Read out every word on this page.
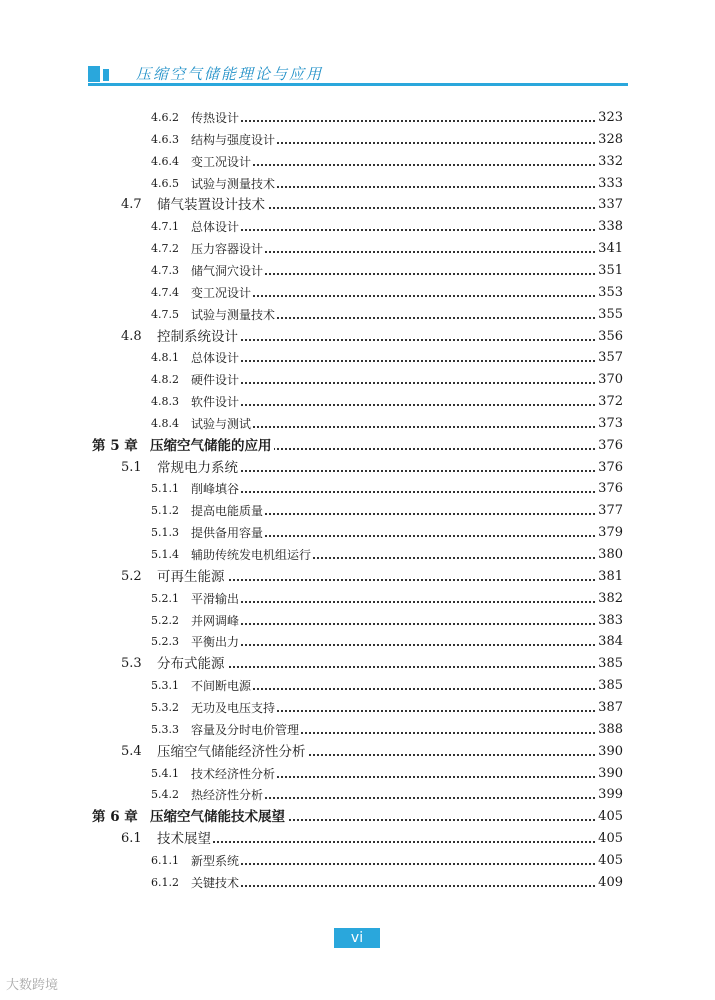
压缩空气储能理论与应用
4.6.2 传热设计	323
4.6.3 结构与强度设计	328
4.6.4 变工况设计	332
4.6.5 试验与测量技术	333
4.7 储气装置设计技术	337
4.7.1 总体设计	338
4.7.2 压力容器设计	341
4.7.3 储气洞穴设计	351
4.7.4 变工况设计	353
4.7.5 试验与测量技术	355
4.8 控制系统设计	356
4.8.1 总体设计	357
4.8.2 硬件设计	370
4.8.3 软件设计	372
4.8.4 试验与测试	373
第 5 章 压缩空气储能的应用	376
5.1 常规电力系统	376
5.1.1 削峰填谷	376
5.1.2 提高电能质量	377
5.1.3 提供备用容量	379
5.1.4 辅助传统发电机组运行	380
5.2 可再生能源	381
5.2.1 平滑输出	382
5.2.2 并网调峰	383
5.2.3 平衡出力	384
5.3 分布式能源	385
5.3.1 不间断电源	385
5.3.2 无功及电压支持	387
5.3.3 容量及分时电价管理	388
5.4 压缩空气储能经济性分析	390
5.4.1 技术经济性分析	390
5.4.2 热经济性分析	399
第 6 章 压缩空气储能技术展望	405
6.1 技术展望	405
6.1.1 新型系统	405
6.1.2 关键技术	409
vi
大数跨境
